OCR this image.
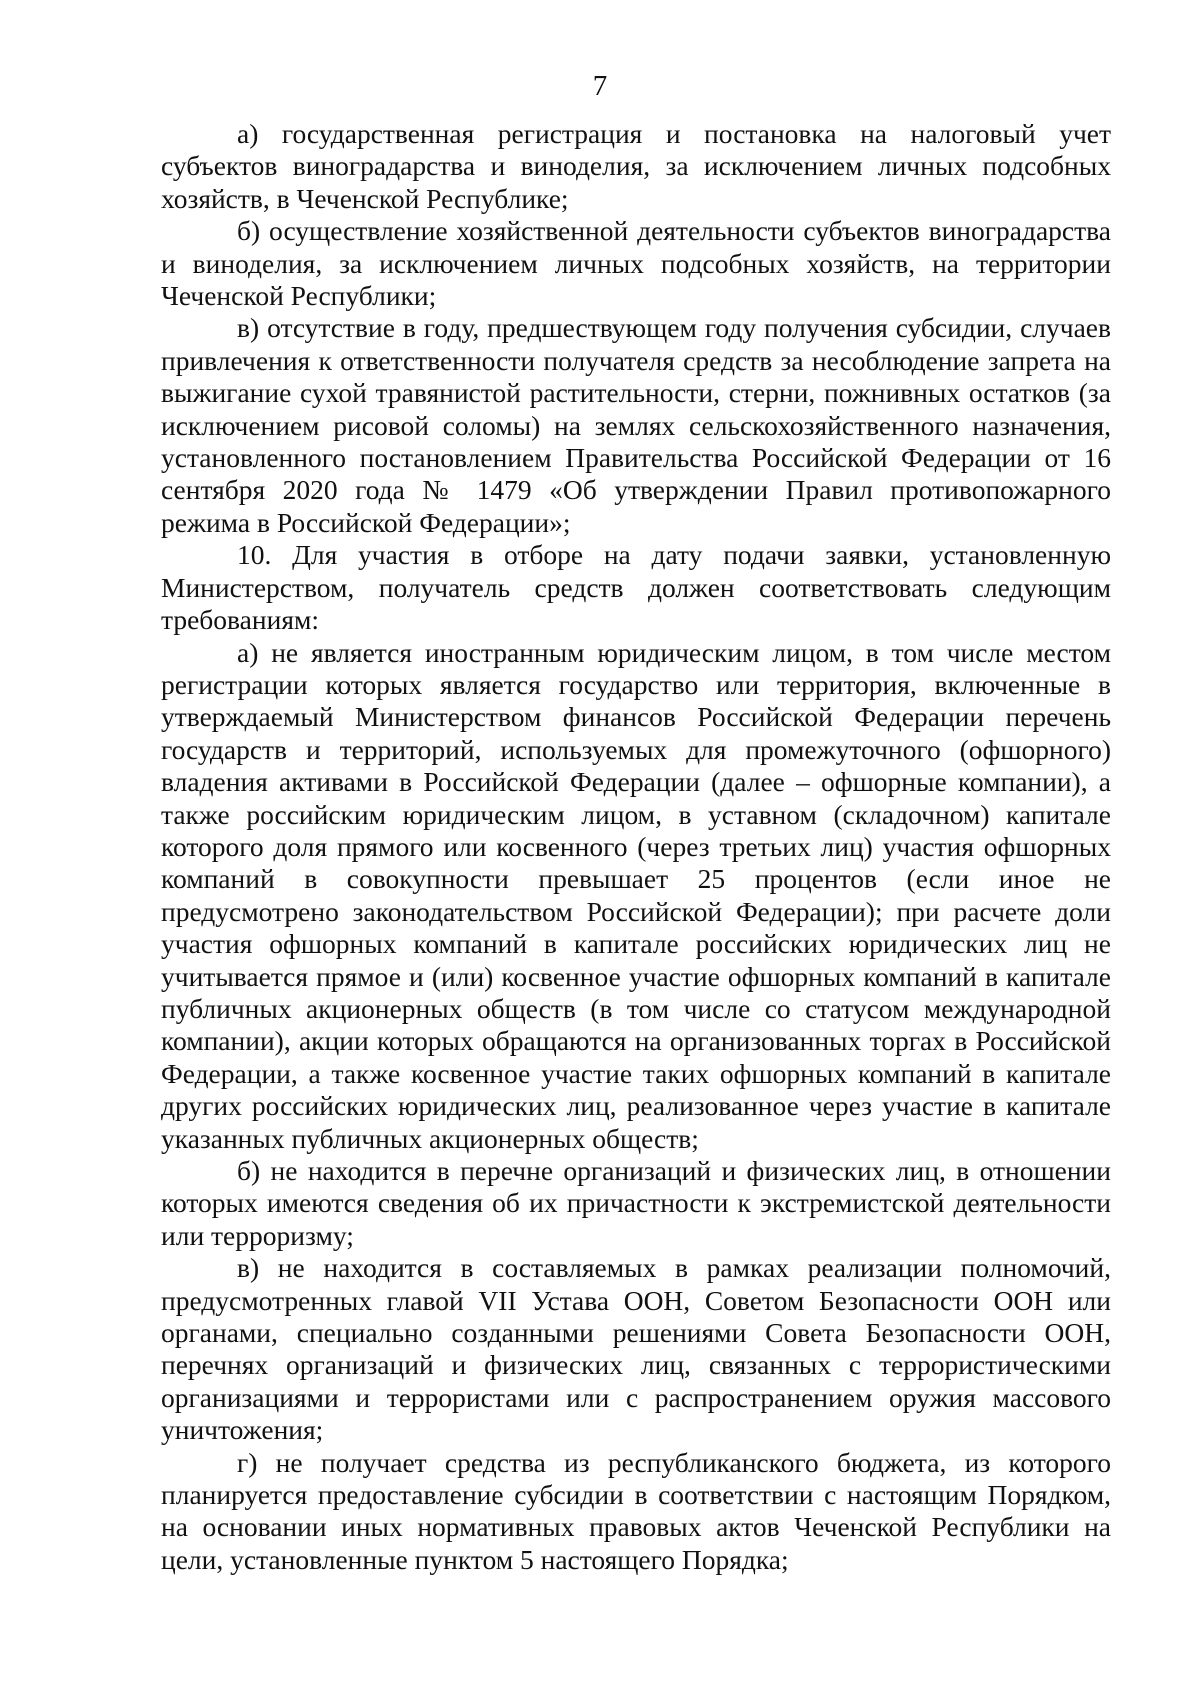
7

а) государственная регистрация и постановка на налоговый учет субъектов виноградарства и виноделия, за исключением личных подсобных хозяйств, в Чеченской Республике;

б) осуществление хозяйственной деятельности субъектов виноградарства и виноделия, за исключением личных подсобных хозяйств, на территории Чеченской Республики;

в) отсутствие в году, предшествующем году получения субсидии, случаев привлечения к ответственности получателя средств за несоблюдение запрета на выжигание сухой травянистой растительности, стерни, пожнивных остатков (за исключением рисовой соломы) на землях сельскохозяйственного назначения, установленного постановлением Правительства Российской Федерации от 16 сентября 2020 года № 1479 «Об утверждении Правил противопожарного режима в Российской Федерации»;

10. Для участия в отборе на дату подачи заявки, установленную Министерством, получатель средств должен соответствовать следующим требованиям:

а) не является иностранным юридическим лицом, в том числе местом регистрации которых является государство или территория, включенные в утверждаемый Министерством финансов Российской Федерации перечень государств и территорий, используемых для промежуточного (офшорного) владения активами в Российской Федерации (далее – офшорные компании), а также российским юридическим лицом, в уставном (складочном) капитале которого доля прямого или косвенного (через третьих лиц) участия офшорных компаний в совокупности превышает 25 процентов (если иное не предусмотрено законодательством Российской Федерации); при расчете доли участия офшорных компаний в капитале российских юридических лиц не учитывается прямое и (или) косвенное участие офшорных компаний в капитале публичных акционерных обществ (в том числе со статусом международной компании), акции которых обращаются на организованных торгах в Российской Федерации, а также косвенное участие таких офшорных компаний в капитале других российских юридических лиц, реализованное через участие в капитале указанных публичных акционерных обществ;

б) не находится в перечне организаций и физических лиц, в отношении которых имеются сведения об их причастности к экстремистской деятельности или терроризму;

в) не находится в составляемых в рамках реализации полномочий, предусмотренных главой VII Устава ООН, Советом Безопасности ООН или органами, специально созданными решениями Совета Безопасности ООН, перечнях организаций и физических лиц, связанных с террористическими организациями и террористами или с распространением оружия массового уничтожения;

г) не получает средства из республиканского бюджета, из которого планируется предоставление субсидии в соответствии с настоящим Порядком, на основании иных нормативных правовых актов Чеченской Республики на цели, установленные пунктом 5 настоящего Порядка;
